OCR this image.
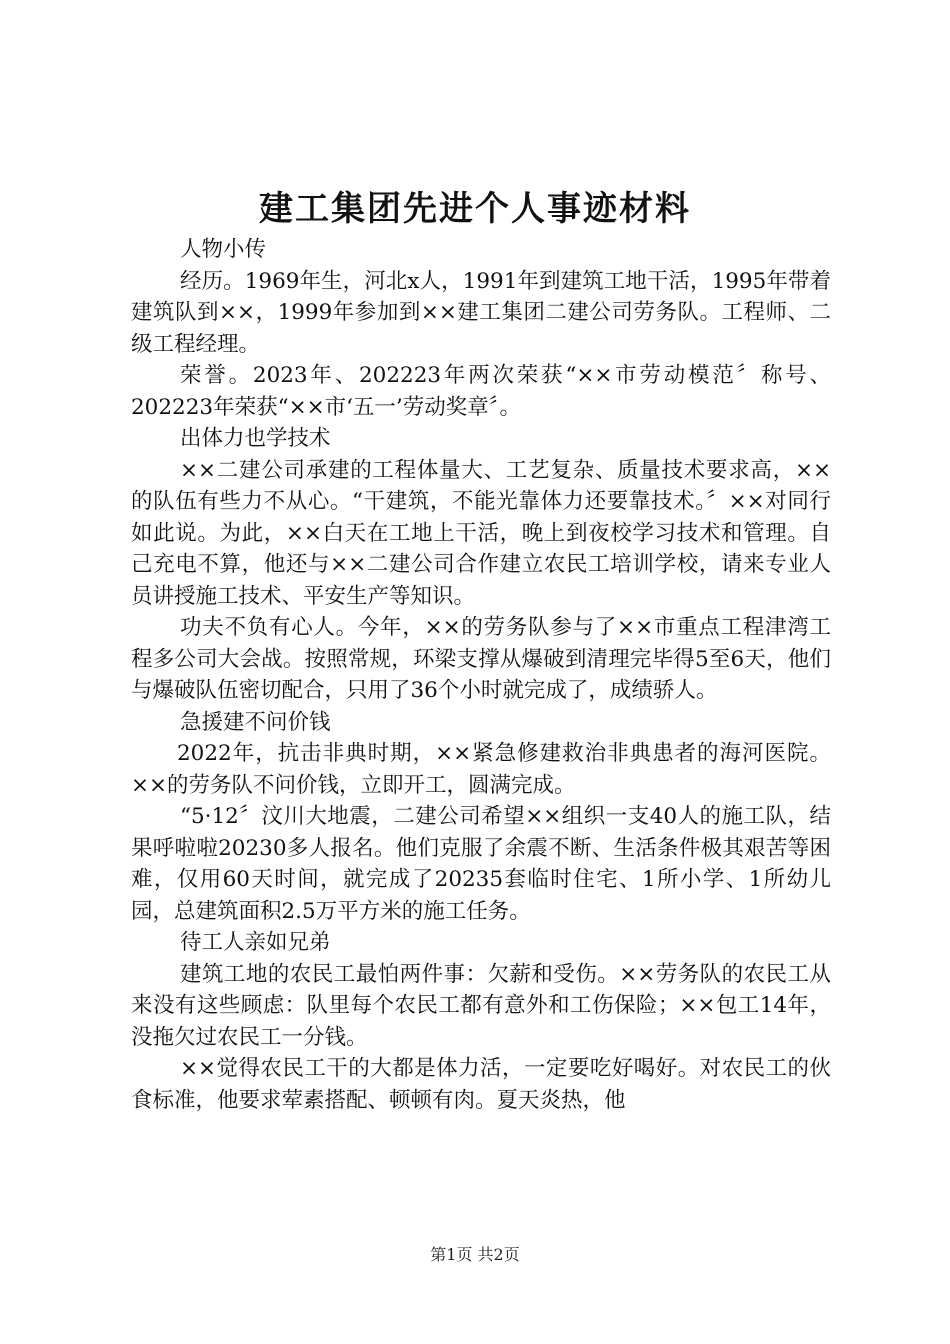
建工集团先进个人事迹材料

人物小传

经历。1969年生，河北x人，1991年到建筑工地干活，1995年带着建筑队到××，1999年参加到××建工集团二建公司劳务队。工程师、二级工程经理。

荣誉。2023年、202223年两次荣获“××市劳动模范〞称号、202223年荣获“××市‘五一’劳动奖章〞。

出体力也学技术

××二建公司承建的工程体量大、工艺复杂、质量技术要求高，××的队伍有些力不从心。“干建筑，不能光靠体力还要靠技术。〞××对同行如此说。为此，××白天在工地上干活，晚上到夜校学习技术和管理。自己充电不算，他还与××二建公司合作建立农民工培训学校，请来专业人员讲授施工技术、平安生产等知识。

功夫不负有心人。今年，××的劳务队参与了××市重点工程津湾工程多公司大会战。按照常规，环梁支撑从爆破到清理完毕得5至6天，他们与爆破队伍密切配合，只用了36个小时就完成了，成绩骄人。

急援建不问价钱

2022年，抗击非典时期，××紧急修建救治非典患者的海河医院。××的劳务队不问价钱，立即开工，圆满完成。

“5·12〞汶川大地震，二建公司希望××组织一支40人的施工队，结果呼啦啦20230多人报名。他们克服了余震不断、生活条件极其艰苦等困难，仅用60天时间，就完成了20235套临时住宅、1所小学、1所幼儿园，总建筑面积2.5万平方米的施工任务。

待工人亲如兄弟

建筑工地的农民工最怕两件事：欠薪和受伤。××劳务队的农民工从来没有这些顾虑：队里每个农民工都有意外和工伤保险；××包工14年，没拖欠过农民工一分钱。

××觉得农民工干的大都是体力活，一定要吃好喝好。对农民工的伙食标准，他要求荤素搭配、顿顿有肉。夏天炎热，他

第1页 共2页
